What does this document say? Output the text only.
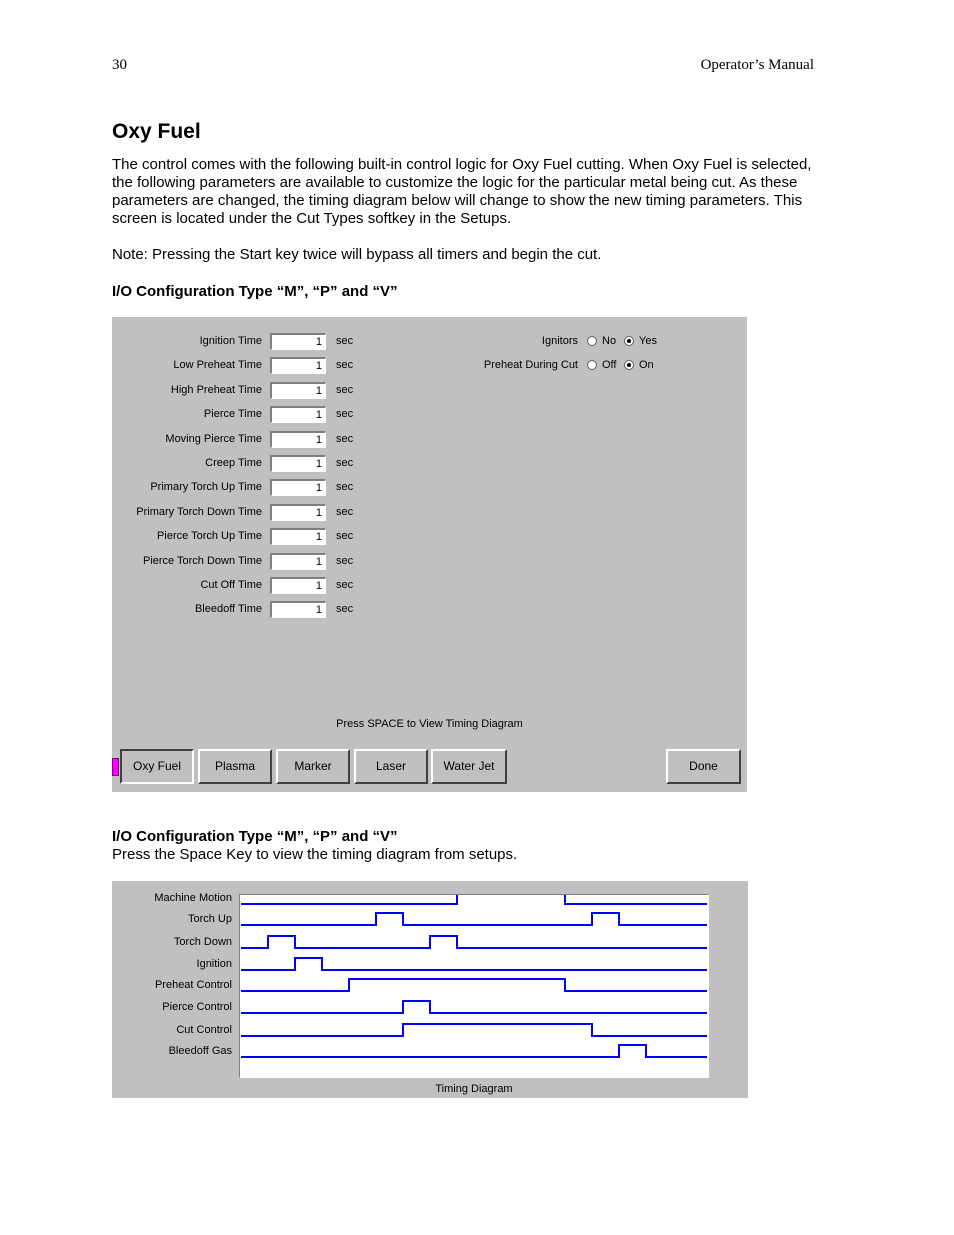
30	Operator’s Manual
Oxy Fuel
The control comes with the following built-in control logic for Oxy Fuel cutting. When Oxy Fuel is selected, the following parameters are available to customize the logic for the particular metal being cut. As these parameters are changed, the timing diagram below will change to show the new timing parameters. This screen is located under the Cut Types softkey in the Setups.
Note: Pressing the Start key twice will bypass all timers and begin the cut.
I/O Configuration Type “M”, “P” and “V”
Ignition Time	1	sec
Low Preheat Time	1	sec
High Preheat Time	1	sec
Pierce Time	1	sec
Moving Pierce Time	1	sec
Creep Time	1	sec
Primary Torch Up Time	1	sec
Primary Torch Down Time	1	sec
Pierce Torch Up Time	1	sec
Pierce Torch Down Time	1	sec
Cut Off Time	1	sec
Bleedoff Time	1	sec
Ignitors No Yes
Preheat During Cut Off On
Press SPACE to View Timing Diagram
Oxy Fuel	Plasma	Marker	Laser	Water Jet	Done
I/O Configuration Type “M”, “P” and “V”
Press the Space Key to view the timing diagram from setups.
Machine Motion
Torch Up
Torch Down
Ignition
Preheat Control
Pierce Control
Cut Control
Bleedoff Gas
Timing Diagram
